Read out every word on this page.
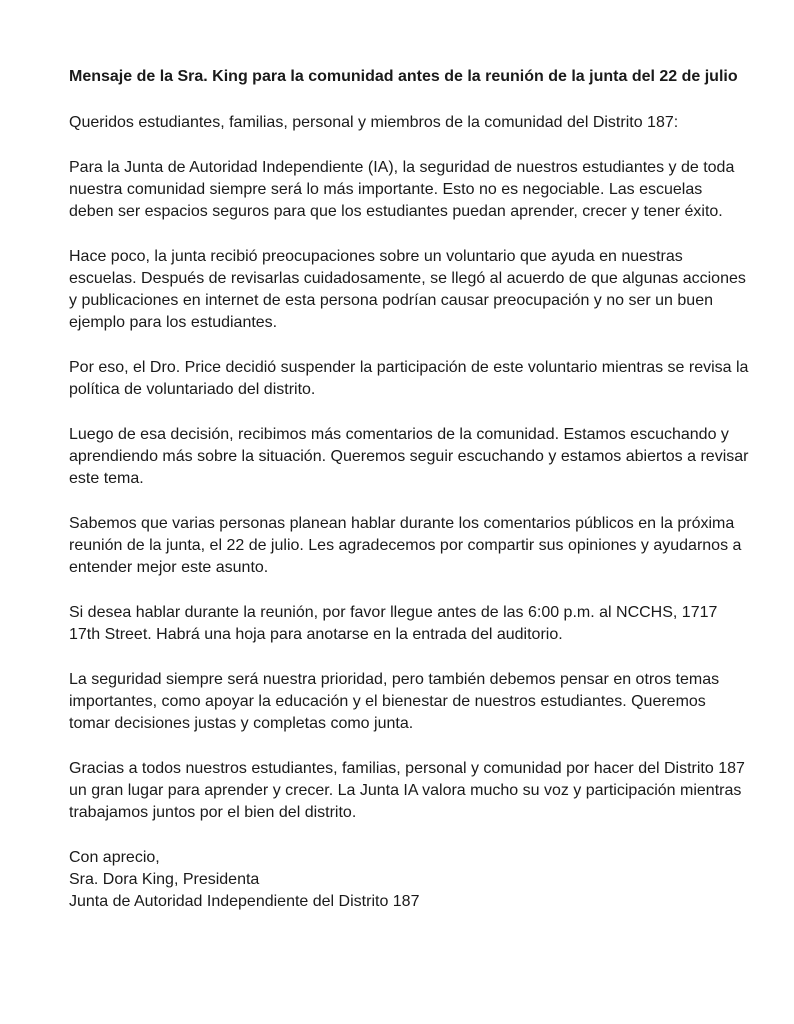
Mensaje de la Sra. King para la comunidad antes de la reunión de la junta del 22 de julio

Queridos estudiantes, familias, personal y miembros de la comunidad del Distrito 187:

Para la Junta de Autoridad Independiente (IA), la seguridad de nuestros estudiantes y de toda nuestra comunidad siempre será lo más importante. Esto no es negociable. Las escuelas deben ser espacios seguros para que los estudiantes puedan aprender, crecer y tener éxito.

Hace poco, la junta recibió preocupaciones sobre un voluntario que ayuda en nuestras escuelas. Después de revisarlas cuidadosamente, se llegó al acuerdo de que algunas acciones y publicaciones en internet de esta persona podrían causar preocupación y no ser un buen ejemplo para los estudiantes.

Por eso, el Dro. Price decidió suspender la participación de este voluntario mientras se revisa la política de voluntariado del distrito.

Luego de esa decisión, recibimos más comentarios de la comunidad. Estamos escuchando y aprendiendo más sobre la situación. Queremos seguir escuchando y estamos abiertos a revisar este tema.

Sabemos que varias personas planean hablar durante los comentarios públicos en la próxima reunión de la junta, el 22 de julio. Les agradecemos por compartir sus opiniones y ayudarnos a entender mejor este asunto.

Si desea hablar durante la reunión, por favor llegue antes de las 6:00 p.m. al NCCHS, 1717 17th Street. Habrá una hoja para anotarse en la entrada del auditorio.

La seguridad siempre será nuestra prioridad, pero también debemos pensar en otros temas importantes, como apoyar la educación y el bienestar de nuestros estudiantes. Queremos tomar decisiones justas y completas como junta.

Gracias a todos nuestros estudiantes, familias, personal y comunidad por hacer del Distrito 187 un gran lugar para aprender y crecer. La Junta IA valora mucho su voz y participación mientras trabajamos juntos por el bien del distrito.

Con aprecio,
Sra. Dora King, Presidenta
Junta de Autoridad Independiente del Distrito 187
